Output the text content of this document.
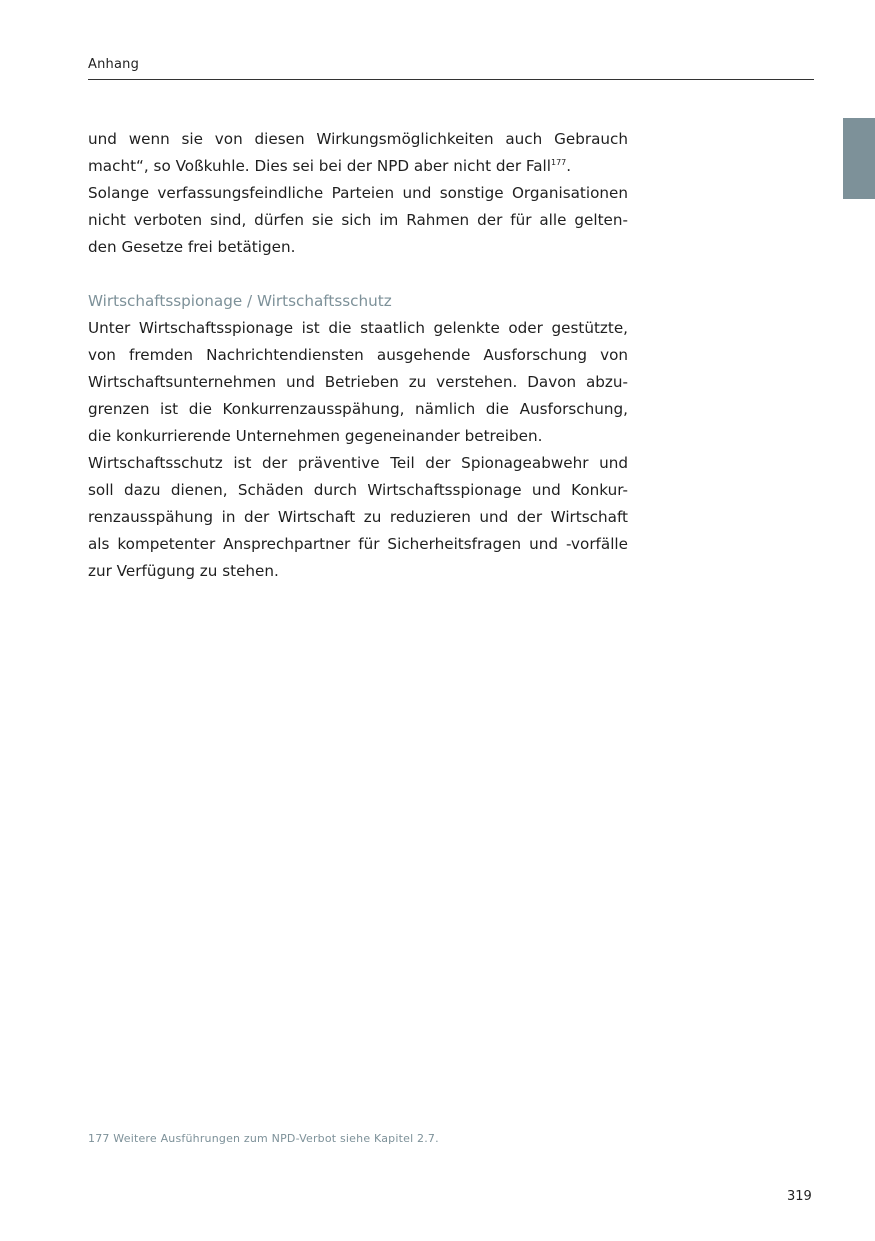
Anhang

und wenn sie von diesen Wirkungsmöglichkeiten auch Gebrauch
macht“, so Voßkuhle. Dies sei bei der NPD aber nicht der Fall$^{177}$.
Solange verfassungsfeindliche Parteien und sonstige Organisationen
nicht verboten sind, dürfen sie sich im Rahmen der für alle gelten-
den Gesetze frei betätigen.

Wirtschaftsspionage / Wirtschaftsschutz

Unter Wirtschaftsspionage ist die staatlich gelenkte oder gestützte,
von fremden Nachrichtendiensten ausgehende Ausforschung von
Wirtschaftsunternehmen und Betrieben zu verstehen. Davon abzu-
grenzen ist die Konkurrenzausspähung, nämlich die Ausforschung,
die konkurrierende Unternehmen gegeneinander betreiben.

Wirtschaftsschutz ist der präventive Teil der Spionageabwehr und
soll dazu dienen, Schäden durch Wirtschaftsspionage und Konkur-
renzausspähung in der Wirtschaft zu reduzieren und der Wirtschaft
als kompetenter Ansprechpartner für Sicherheitsfragen und -vorfälle
zur Verfügung zu stehen.

177 Weitere Ausführungen zum NPD-Verbot siehe Kapitel 2.7.
319
